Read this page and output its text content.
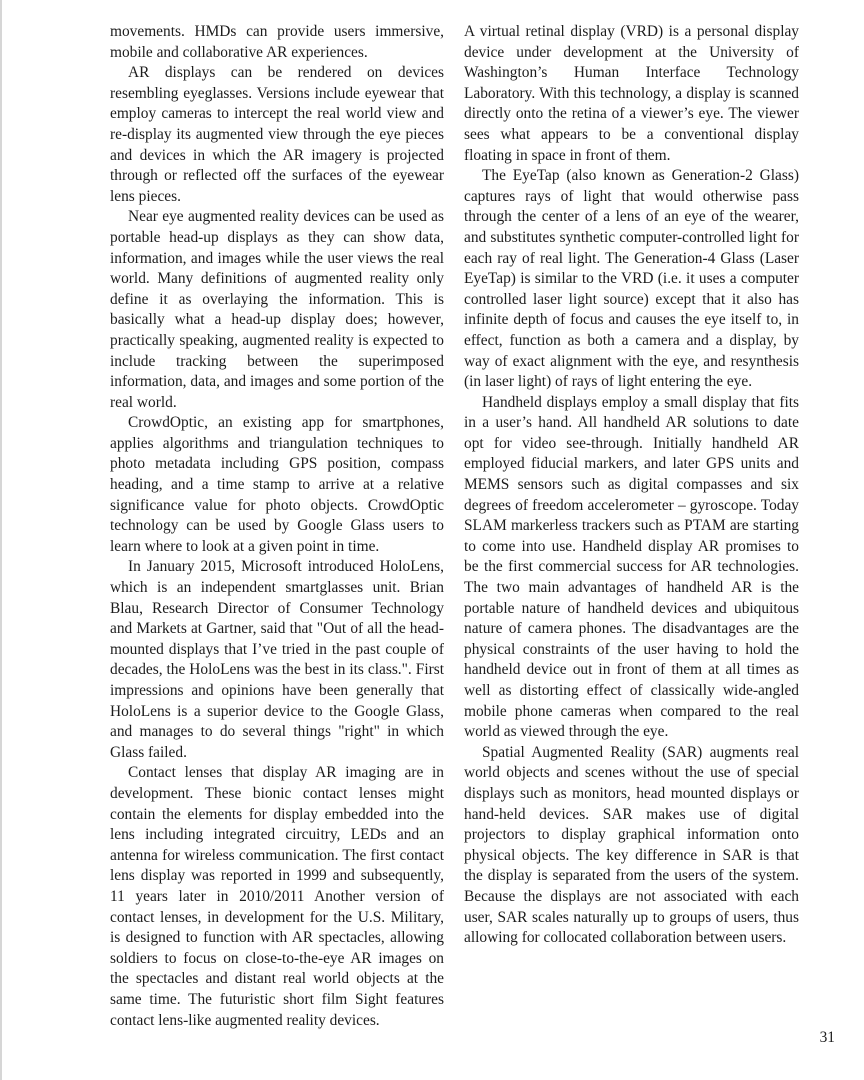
movements. HMDs can provide users immersive, mobile and collaborative AR experiences.

AR displays can be rendered on devices resembling eyeglasses. Versions include eyewear that employ cameras to intercept the real world view and re-display its augmented view through the eye pieces and devices in which the AR imagery is projected through or reflected off the surfaces of the eyewear lens pieces.

Near eye augmented reality devices can be used as portable head-up displays as they can show data, information, and images while the user views the real world. Many definitions of augmented reality only define it as overlaying the information. This is basically what a head-up display does; however, practically speaking, augmented reality is expected to include tracking between the superimposed information, data, and images and some portion of the real world.

CrowdOptic, an existing app for smartphones, applies algorithms and triangulation techniques to photo metadata including GPS position, compass heading, and a time stamp to arrive at a relative significance value for photo objects. CrowdOptic technology can be used by Google Glass users to learn where to look at a given point in time.

In January 2015, Microsoft introduced HoloLens, which is an independent smartglasses unit. Brian Blau, Research Director of Consumer Technology and Markets at Gartner, said that "Out of all the head-mounted displays that I’ve tried in the past couple of decades, the HoloLens was the best in its class.". First impressions and opinions have been generally that HoloLens is a superior device to the Google Glass, and manages to do several things "right" in which Glass failed.

Contact lenses that display AR imaging are in development. These bionic contact lenses might contain the elements for display embedded into the lens including integrated circuitry, LEDs and an antenna for wireless communication. The first contact lens display was reported in 1999 and subsequently, 11 years later in 2010/2011 Another version of contact lenses, in development for the U.S. Military, is designed to function with AR spectacles, allowing soldiers to focus on close-to-the-eye AR images on the spectacles and distant real world objects at the same time. The futuristic short film Sight features contact lens-like augmented reality devices.

A virtual retinal display (VRD) is a personal display device under development at the University of Washington’s Human Interface Technology Laboratory. With this technology, a display is scanned directly onto the retina of a viewer’s eye. The viewer sees what appears to be a conventional display floating in space in front of them.

The EyeTap (also known as Generation-2 Glass) captures rays of light that would otherwise pass through the center of a lens of an eye of the wearer, and substitutes synthetic computer-controlled light for each ray of real light. The Generation-4 Glass (Laser EyeTap) is similar to the VRD (i.e. it uses a computer controlled laser light source) except that it also has infinite depth of focus and causes the eye itself to, in effect, function as both a camera and a display, by way of exact alignment with the eye, and resynthesis (in laser light) of rays of light entering the eye.

Handheld displays employ a small display that fits in a user’s hand. All handheld AR solutions to date opt for video see-through. Initially handheld AR employed fiducial markers, and later GPS units and MEMS sensors such as digital compasses and six degrees of freedom accelerometer – gyroscope. Today SLAM markerless trackers such as PTAM are starting to come into use. Handheld display AR promises to be the first commercial success for AR technologies. The two main advantages of handheld AR is the portable nature of handheld devices and ubiquitous nature of camera phones. The disadvantages are the physical constraints of the user having to hold the handheld device out in front of them at all times as well as distorting effect of classically wide-angled mobile phone cameras when compared to the real world as viewed through the eye.

Spatial Augmented Reality (SAR) augments real world objects and scenes without the use of special displays such as monitors, head mounted displays or hand-held devices. SAR makes use of digital projectors to display graphical information onto physical objects. The key difference in SAR is that the display is separated from the users of the system. Because the displays are not associated with each user, SAR scales naturally up to groups of users, thus allowing for collocated collaboration between users.

31
